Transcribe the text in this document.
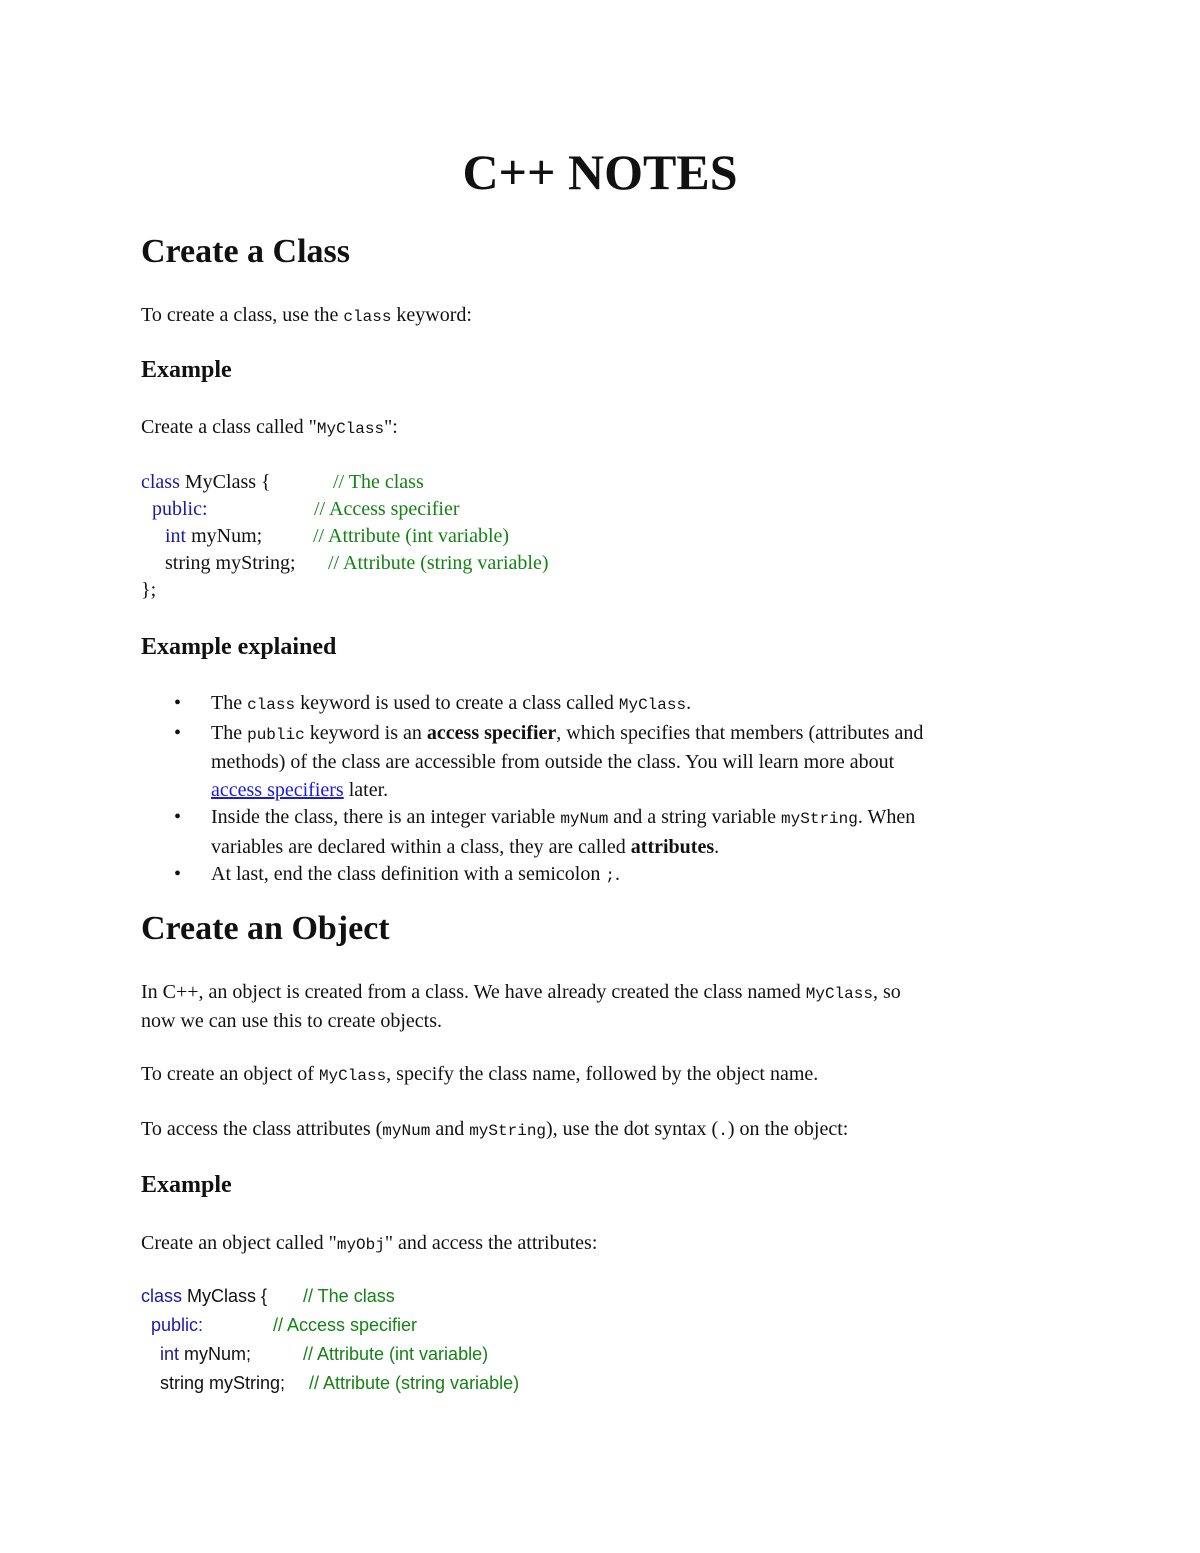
C++ NOTES
Create a Class

To create a class, use the class keyword:

Example

Create a class called "MyClass":

class MyClass {	// The class
public:	// Access specifier
int myNum;	// Attribute (int variable)
string myString; // Attribute (string variable)
};
Example explained
• The class keyword is used to create a class called MyClass.
• The public keyword is an access specifier, which specifies that members (attributes and
methods) of the class are accessible from outside the class. You will learn more about
access specifiers later.
• Inside the class, there is an integer variable myNum and a string variable myString. When
variables are declared within a class, they are called attributes.
• At last, end the class definition with a semicolon ;.
Create an Object

In C++, an object is created from a class. We have already created the class named MyClass, so
now we can use this to create objects.

To create an object of MyClass, specify the class name, followed by the object name.

To access the class attributes (myNum and myString), use the dot syntax (.) on the object:

Example

Create an object called "myObj" and access the attributes:

class MyClass { // The class
public:	// Access specifier
int myNum;	// Attribute (int variable)
string myString; // Attribute (string variable)
